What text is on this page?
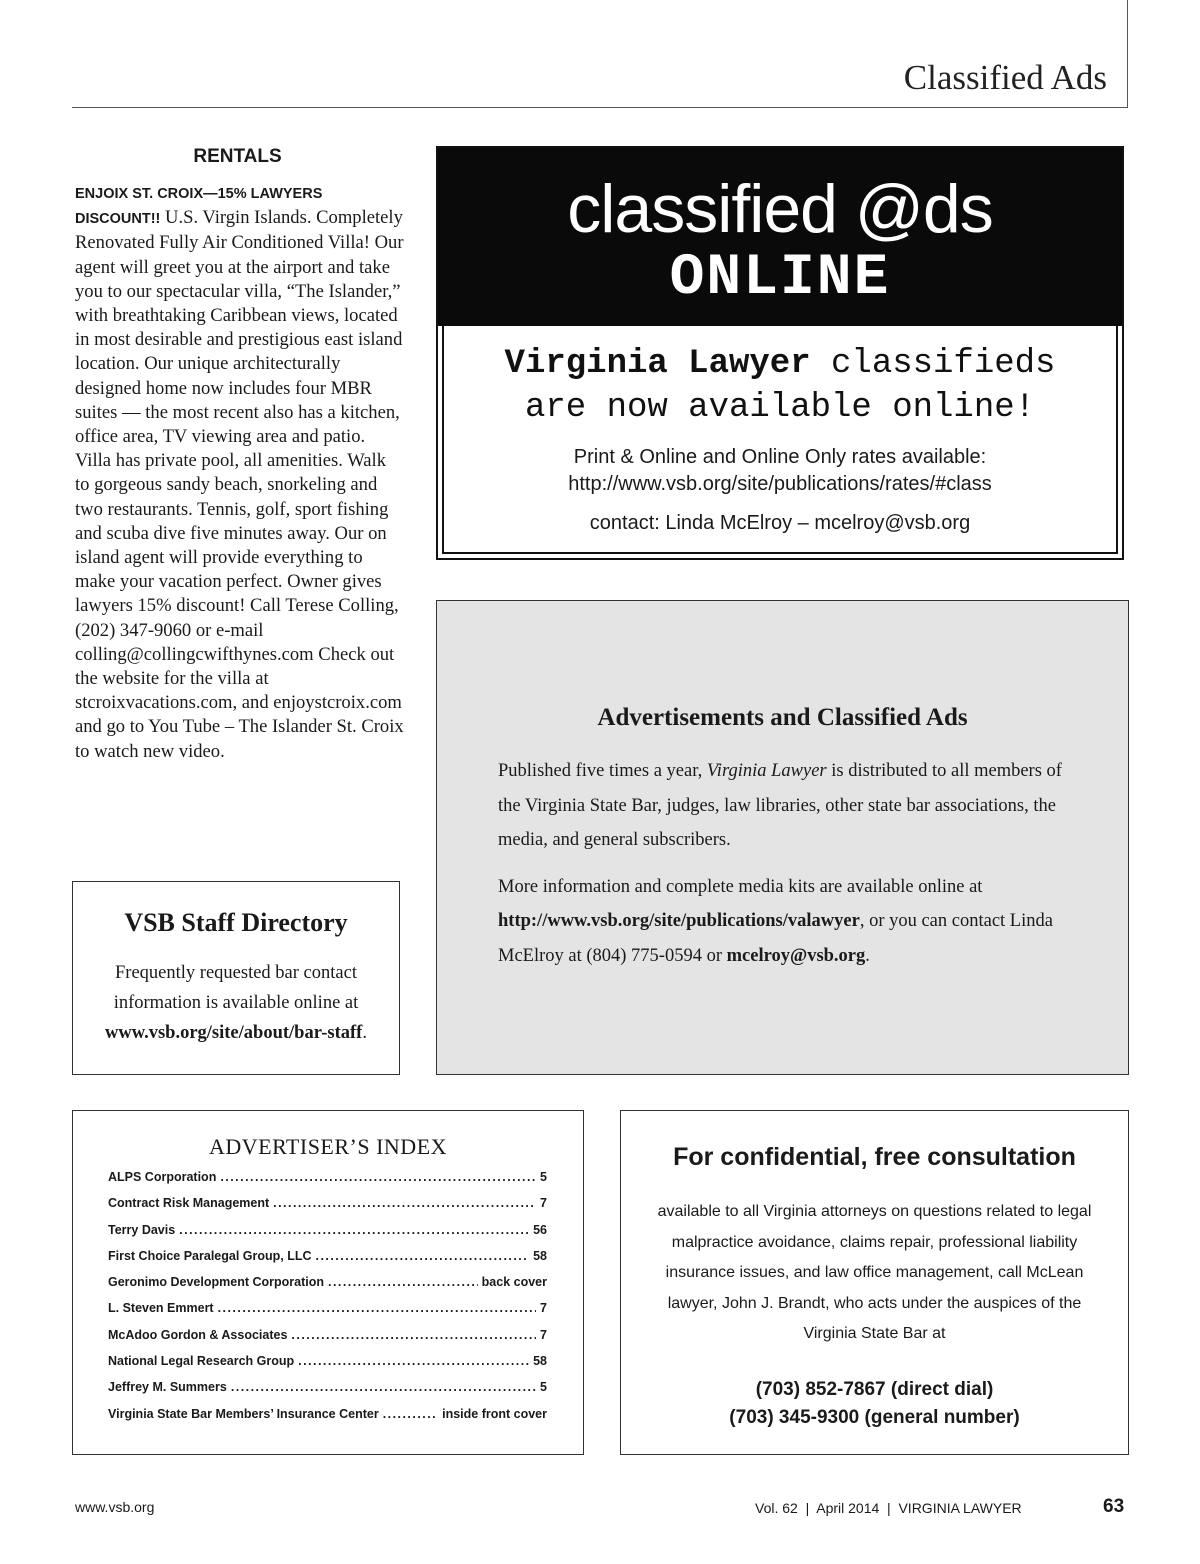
Classified Ads
RENTALS
ENJOIX ST. CROIX—15% LAWYERS DISCOUNT!! U.S. Virgin Islands. Completely Renovated Fully Air Conditioned Villa! Our agent will greet you at the airport and take you to our spectacular villa, “The Islander,” with breathtaking Caribbean views, located in most desirable and prestigious east island location. Our unique architecturally designed home now includes four MBR suites — the most recent also has a kitchen, office area, TV viewing area and patio. Villa has private pool, all amenities. Walk to gorgeous sandy beach, snorkeling and two restaurants. Tennis, golf, sport fishing and scuba dive five minutes away. Our on island agent will provide everything to make your vacation perfect. Owner gives lawyers 15% discount! Call Terese Colling, (202) 347-9060 or e-mail colling@collingcwifthynes.com Check out the website for the villa at stcroixvacations.com, and enjoystcroix.com and go to You Tube – The Islander St. Croix to watch new video.
classified @ds
ONLINE
Virginia Lawyer classifieds
are now available online!
Print & Online and Online Only rates available:
http://www.vsb.org/site/publications/rates/#class
contact: Linda McElroy – mcelroy@vsb.org
Advertisements and Classified Ads

Published five times a year, Virginia Lawyer is distributed to all members of the Virginia State Bar, judges, law libraries, other state bar associations, the media, and general subscribers.

More information and complete media kits are available online at http://www.vsb.org/site/publications/valawyer, or you can contact Linda McElroy at (804) 775-0594 or mcelroy@vsb.org.

VSB Staff Directory
Frequently requested bar contact information is available online at www.vsb.org/site/about/bar-staff.
ADVERTISER’S INDEX
ALPS Corporation . . .	5
Contract Risk Management . . .	7
Terry Davis . . .	56
First Choice Paralegal Group, LLC . . .	58
Geronimo Development Corporation . . .	back cover
L. Steven Emmert . . .	7
McAdoo Gordon & Associates . . .	7
National Legal Research Group . . .	58
Jeffrey M. Summers . . .	5
Virginia State Bar Members’ Insurance Center . . .	inside front cover
For confidential, free consultation
available to all Virginia attorneys on questions related to legal malpractice avoidance, claims repair, professional liability insurance issues, and law office management, call McLean lawyer, John J. Brandt, who acts under the auspices of the Virginia State Bar at
(703) 852-7867 (direct dial)
(703) 345-9300 (general number)
www.vsb.org	Vol. 62  |  April 2014  |  VIRGINIA LAWYER	63
